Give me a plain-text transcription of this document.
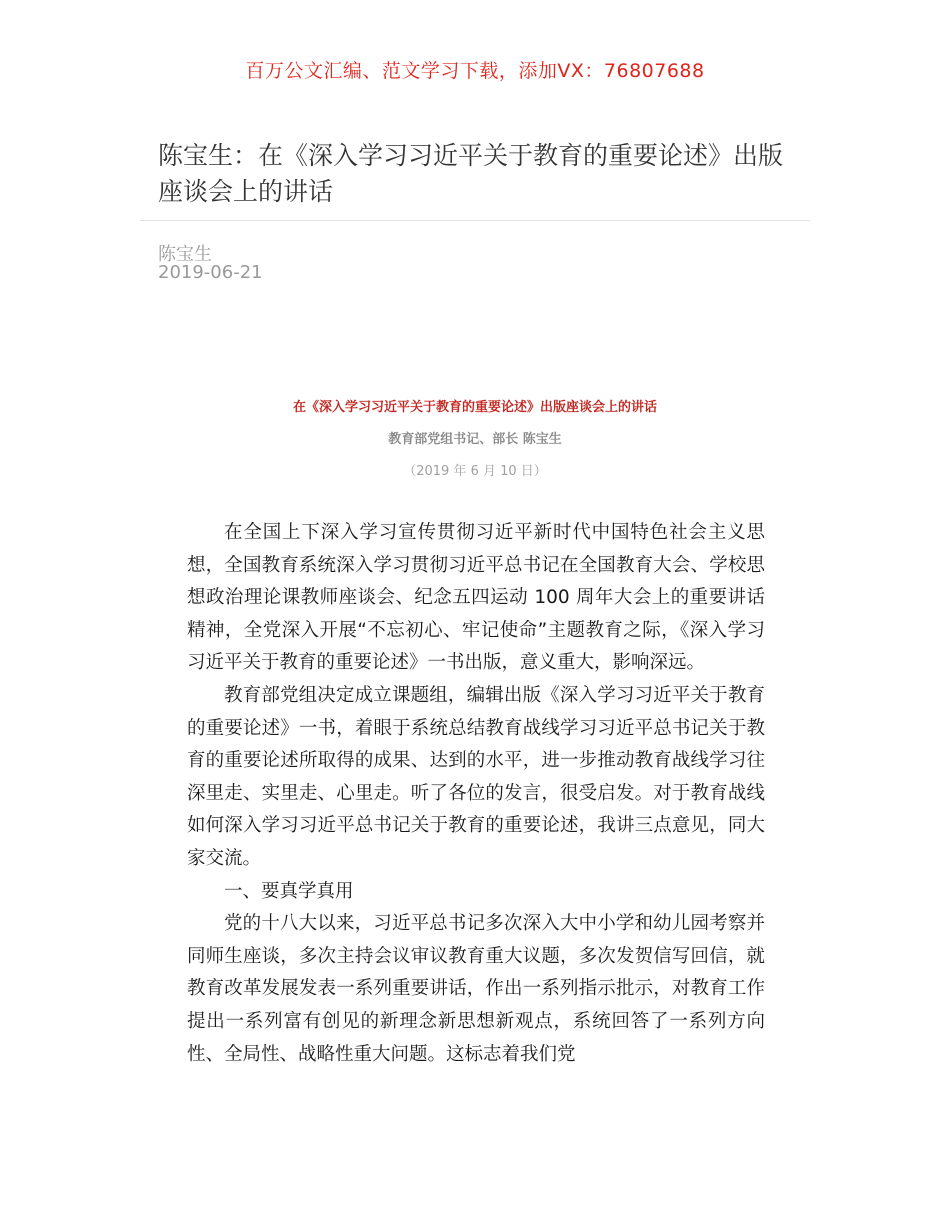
百万公文汇编、范文学习下载，添加VX：76807688
陈宝生：在《深入学习习近平关于教育的重要论述》出版座谈会上的讲话
陈宝生
2019-06-21
在《深入学习习近平关于教育的重要论述》出版座谈会上的讲话
教育部党组书记、部长 陈宝生
（2019 年 6 月 10 日）

在全国上下深入学习宣传贯彻习近平新时代中国特色社会主义思想，全国教育系统深入学习贯彻习近平总书记在全国教育大会、学校思想政治理论课教师座谈会、纪念五四运动 100 周年大会上的重要讲话精神，全党深入开展“不忘初心、牢记使命”主题教育之际，《深入学习习近平关于教育的重要论述》一书出版，意义重大，影响深远。

教育部党组决定成立课题组，编辑出版《深入学习习近平关于教育的重要论述》一书，着眼于系统总结教育战线学习习近平总书记关于教育的重要论述所取得的成果、达到的水平，进一步推动教育战线学习往深里走、实里走、心里走。听了各位的发言，很受启发。对于教育战线如何深入学习习近平总书记关于教育的重要论述，我讲三点意见，同大家交流。

一、要真学真用

党的十八大以来，习近平总书记多次深入大中小学和幼儿园考察并同师生座谈，多次主持会议审议教育重大议题，多次发贺信写回信，就教育改革发展发表一系列重要讲话，作出一系列指示批示，对教育工作提出一系列富有创见的新理念新思想新观点，系统回答了一系列方向性、全局性、战略性重大问题。这标志着我们党
